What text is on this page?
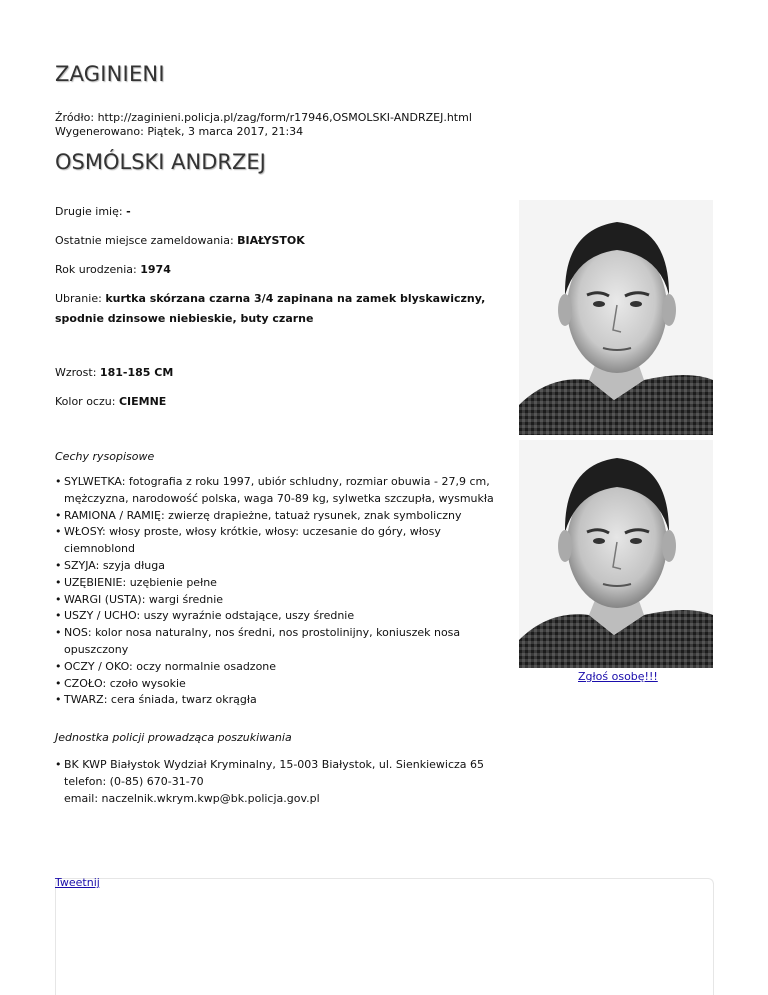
ZAGINIENI
Źródło: http://zaginieni.policja.pl/zag/form/r17946,OSMOLSKI-ANDRZEJ.html
Wygenerowano: Piątek, 3 marca 2017, 21:34
OSMÓLSKI ANDRZEJ
Drugie imię: -
Ostatnie miejsce zameldowania: BIAŁYSTOK
Rok urodzenia: 1974
Ubranie: kurtka skórzana czarna 3/4 zapinana na zamek blyskawiczny, spodnie dzinsowe niebieskie, buty czarne
Wzrost: 181-185 CM
Kolor oczu: CIEMNE
Cechy rysopisowe
• SYLWETKA: fotografia z roku 1997, ubiór schludny, rozmiar obuwia - 27,9 cm, mężczyzna, narodowość polska, waga 70-89 kg, sylwetka szczupła, wysmukła
• RAMIONA / RAMIĘ: zwierzę drapieżne, tatuaż rysunek, znak symboliczny
• WŁOSY: włosy proste, włosy krótkie, włosy: uczesanie do góry, włosy ciemnoblond
• SZYJA: szyja długa
• UZĘBIENIE: uzębienie pełne
• WARGI (USTA): wargi średnie
• USZY / UCHO: uszy wyraźnie odstające, uszy średnie
• NOS: kolor nosa naturalny, nos średni, nos prostolinijny, koniuszek nosa opuszczony
• OCZY / OKO: oczy normalnie osadzone
• CZOŁO: czoło wysokie
• TWARZ: cera śniada, twarz okrągła
Zgłoś osobę!!!
Jednostka policji prowadząca poszukiwania
• BK KWP Białystok Wydział Kryminalny, 15-003 Białystok, ul. Sienkiewicza 65
telefon: (0-85) 670-31-70
email: naczelnik.wkrym.kwp@bk.policja.gov.pl
Tweetnij
